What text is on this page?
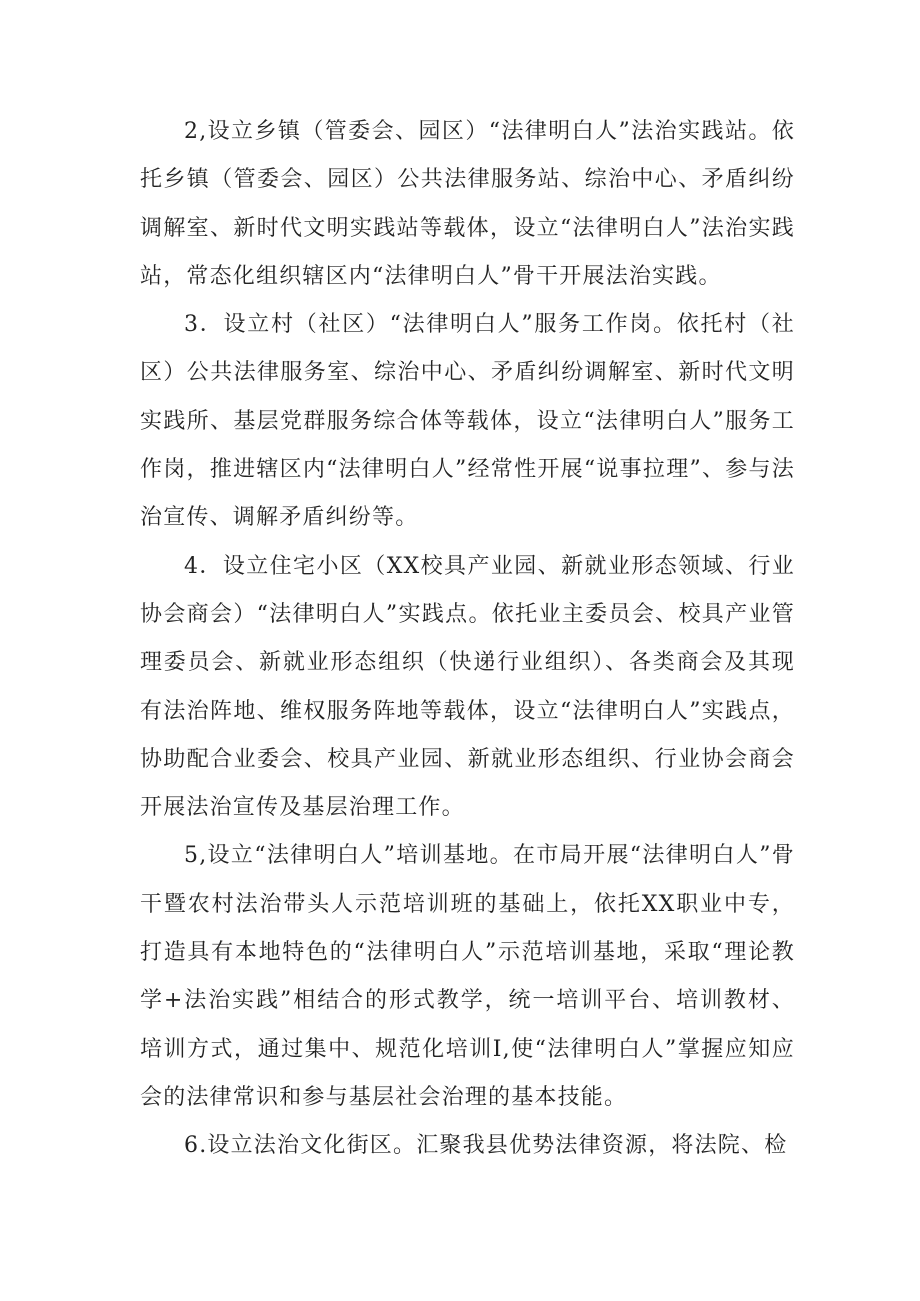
2,设立乡镇（管委会、园区）“法律明白人”法治实践站。依托乡镇（管委会、园区）公共法律服务站、综治中心、矛盾纠纷调解室、新时代文明实践站等载体，设立“法律明白人”法治实践站，常态化组织辖区内“法律明白人”骨干开展法治实践。

3．设立村（社区）“法律明白人”服务工作岗。依托村（社区）公共法律服务室、综治中心、矛盾纠纷调解室、新时代文明实践所、基层党群服务综合体等载体，设立“法律明白人”服务工作岗，推进辖区内“法律明白人”经常性开展“说事拉理”、参与法治宣传、调解矛盾纠纷等。

4．设立住宅小区（XX校具产业园、新就业形态领域、行业协会商会）“法律明白人”实践点。依托业主委员会、校具产业管理委员会、新就业形态组织（快递行业组织）、各类商会及其现有法治阵地、维权服务阵地等载体，设立“法律明白人”实践点，协助配合业委会、校具产业园、新就业形态组织、行业协会商会开展法治宣传及基层治理工作。

5,设立“法律明白人”培训基地。在市局开展“法律明白人”骨干暨农村法治带头人示范培训班的基础上，依托XX职业中专，打造具有本地特色的“法律明白人”示范培训基地，采取“理论教学+法治实践”相结合的形式教学，统一培训平台、培训教材、培训方式，通过集中、规范化培训I,使“法律明白人”掌握应知应会的法律常识和参与基层社会治理的基本技能。

6.设立法治文化街区。汇聚我县优势法律资源，将法院、检
